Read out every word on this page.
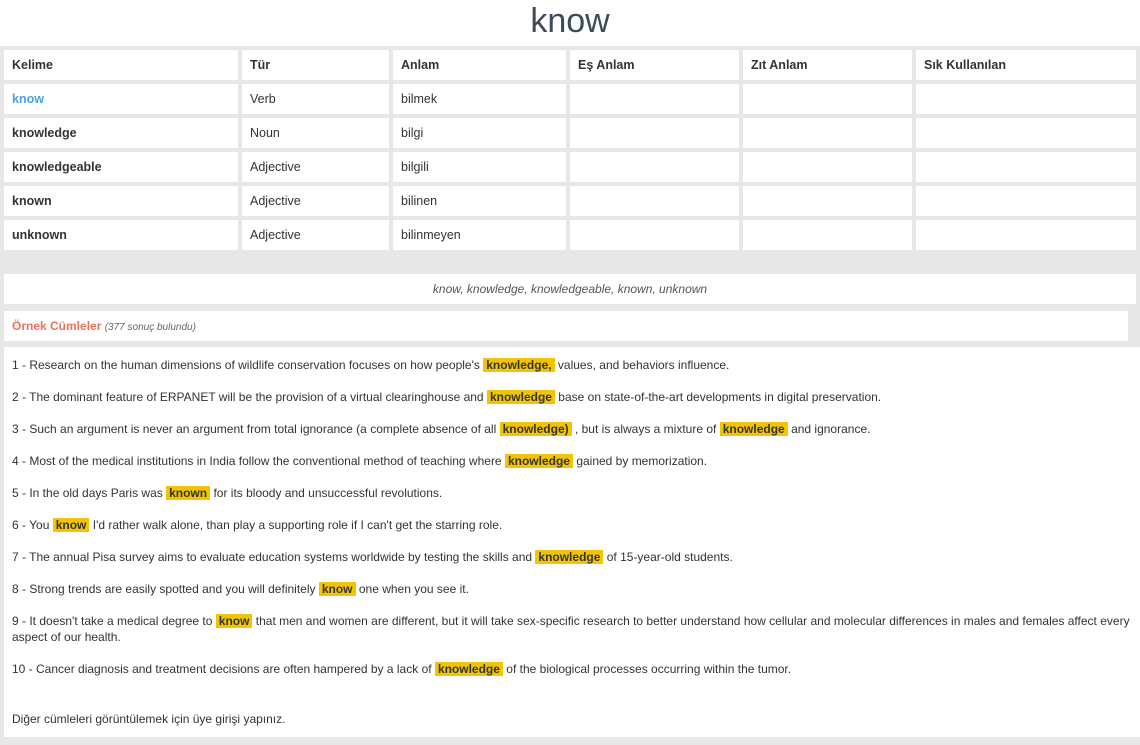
know
Kelime	Tür	Anlam	Eş Anlam	Zıt Anlam	Sık Kullanılan
know	Verb	bilmek			
knowledge	Noun	bilgi			
knowledgeable	Adjective	bilgili			
known	Adjective	bilinen			
unknown	Adjective	bilinmeyen			
know, knowledge, knowledgeable, known, unknown
Örnek Cümleler (377 sonuç bulundu)

1 - Research on the human dimensions of wildlife conservation focuses on how people's knowledge, values, and behaviors influence.

2 - The dominant feature of ERPANET will be the provision of a virtual clearinghouse and knowledge base on state-of-the-art developments in digital preservation.

3 - Such an argument is never an argument from total ignorance (a complete absence of all knowledge) , but is always a mixture of knowledge and ignorance.

4 - Most of the medical institutions in India follow the conventional method of teaching where knowledge gained by memorization.

5 - In the old days Paris was known for its bloody and unsuccessful revolutions.

6 - You know I'd rather walk alone, than play a supporting role if I can't get the starring role.

7 - The annual Pisa survey aims to evaluate education systems worldwide by testing the skills and knowledge of 15-year-old students.

8 - Strong trends are easily spotted and you will definitely know one when you see it.

9 - It doesn't take a medical degree to know that men and women are different, but it will take sex-specific research to better understand how cellular and molecular differences in males and females affect every aspect of our health.

10 - Cancer diagnosis and treatment decisions are often hampered by a lack of knowledge of the biological processes occurring within the tumor.

Diğer cümleleri görüntülemek için üye girişi yapınız.
